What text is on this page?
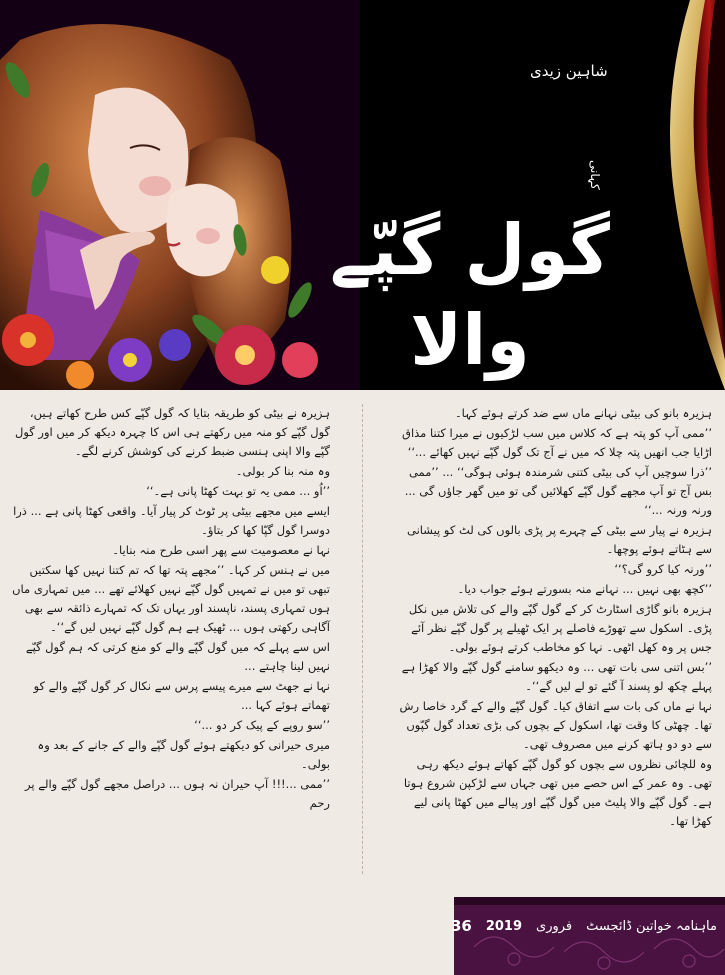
شاہین زیدی
کہانی
گول گپّے والا

ہزیرہ بانو کی بیٹی نہانے ماں سے ضد کرتے ہوئے کہا۔

’’ممی آپ کو پتہ ہے کہ کلاس میں سب لڑکیوں نے میرا کتنا مذاق اڑایا جب انھیں پتہ چلا کہ میں نے آج تک گول گپّے نہیں کھائے ...‘‘

’’ذرا سوچیں آپ کی بیٹی کتنی شرمندہ ہوئی ہوگی‘‘ ... ’’ممی بس آج تو آپ مجھے گول گپّے کھلائیں گی تو میں گھر جاؤں گی ... ورنہ ورنہ ...‘‘

ہزیرہ نے پیار سے بیٹی کے چہرے پر پڑی بالوں کی لٹ کو پیشانی سے ہٹاتے ہوئے پوچھا۔

’’ورنہ کیا کرو گی؟‘‘

’’کچھ بھی نہیں ... نہانے منہ بسورتے ہوئے جواب دیا۔

ہزیرہ بانو گاڑی اسٹارٹ کر کے گول گپّے والے کی تلاش میں نکل پڑی۔ اسکول سے تھوڑے فاصلے پر ایک ٹھیلے پر گول گپّے نظر آئے جس پر وہ کھل اٹھی۔ نہا کو مخاطب کرتے ہوئے بولی۔

’’بس اتنی سی بات تھی ... وہ دیکھو سامنے گول گپّے والا کھڑا ہے پہلے چکھ لو پسند آ گئے تو لے لیں گے‘‘۔

نہا نے ماں کی بات سے اتفاق کیا۔ گول گپّے والے کے گرد خاصا رش تھا۔ چھٹی کا وقت تھا، اسکول کے بچوں کی بڑی تعداد گول گپّوں سے دو دو ہاتھ کرنے میں مصروف تھی۔

وہ للچائی نظروں سے بچوں کو گول گپّے کھاتے ہوئے دیکھ رہی تھی۔ وہ عمر کے اس حصے میں تھی جہاں سے لڑکپن شروع ہوتا ہے۔ گول گپّے والا پلیٹ میں گول گپّے اور پیالے میں کھٹا پانی لیے کھڑا تھا۔

ہزیرہ نے بیٹی کو طریقہ بتایا کہ گول گپّے کس طرح کھاتے ہیں، گول گپّے کو منہ میں رکھتے ہی اس کا چہرہ دیکھ کر میں اور گول گپّے والا اپنی ہنسی ضبط کرنے کی کوشش کرنے لگے۔

وہ منہ بنا کر بولی۔

’’اُو ... ممی یہ تو بہت کھٹا پانی ہے۔‘‘

ایسے میں مجھے بیٹی پر ٹوٹ کر پیار آیا۔ واقعی کھٹا پانی ہے ... ذرا دوسرا گول گپّا کھا کر بتاؤ۔

نہا نے معصومیت سے پھر اسی طرح منہ بنایا۔

میں نے ہنس کر کہا۔ ’’مجھے پتہ تھا کہ تم کتنا نہیں کھا سکتیں تبھی تو میں نے تمہیں گول گپّے نہیں کھلائے تھے ... میں تمہاری ماں ہوں تمہاری پسند، ناپسند اور یہاں تک کہ تمہارے ذائقہ سے بھی آگاہی رکھتی ہوں ... ٹھیک ہے ہم گول گپّے نہیں لیں گے‘‘۔

اس سے پہلے کہ میں گول گپّے والے کو منع کرتی کہ ہم گول گپّے نہیں لینا چاہتے ...

نہا نے جھٹ سے میرے پیسے پرس سے نکال کر گول گپّے والے کو تھماتے ہوئے کہا ...

’’سو روپے کے پیک کر دو ...‘‘

میری حیرانی کو دیکھتے ہوئے گول گپّے والے کے جانے کے بعد وہ بولی۔

’’ممی ...!!! آپ حیران نہ ہوں ... دراصل مجھے گول گپّے والے پر رحم

ماہنامہ خواتین ڈائجسٹ
فروری
2019
36
